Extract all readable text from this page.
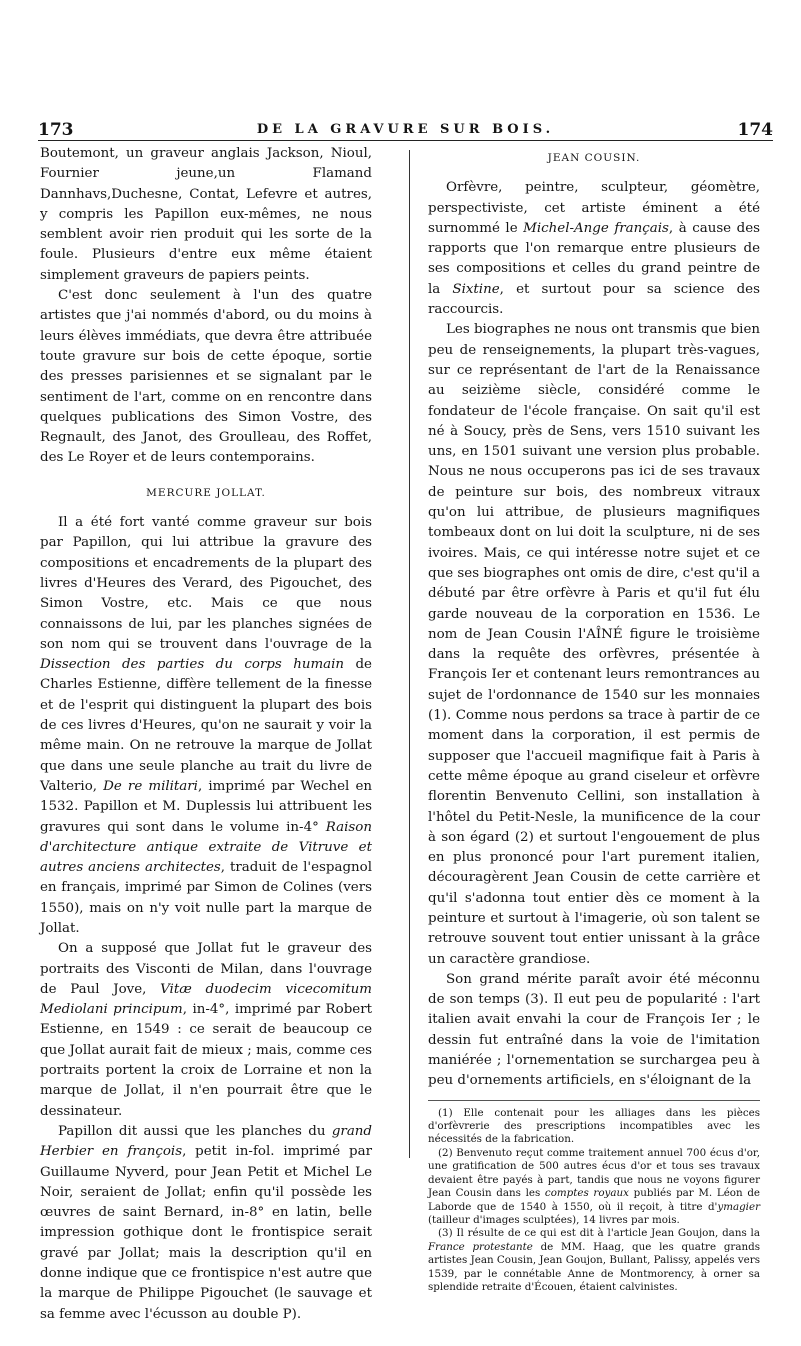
173	DE LA GRAVURE SUR BOIS.	174

Boutemont, un graveur anglais Jackson, Nioul, Fournier jeune,un Flamand Dannhavs,Duchesne, Contat, Lefevre et autres, y compris les Papillon eux-mêmes, ne nous semblent avoir rien produit qui les sorte de la foule. Plusieurs d'entre eux même étaient simplement graveurs de papiers peints.

C'est donc seulement à l'un des quatre artistes que j'ai nommés d'abord, ou du moins à leurs élèves immédiats, que devra être attribuée toute gravure sur bois de cette époque, sortie des presses parisiennes et se signalant par le sentiment de l'art, comme on en rencontre dans quelques publications des Simon Vostre, des Regnault, des Janot, des Groulleau, des Roffet, des Le Royer et de leurs contemporains.

MERCURE JOLLAT.

Il a été fort vanté comme graveur sur bois par Papillon, qui lui attribue la gravure des compositions et encadrements de la plupart des livres d'Heures des Verard, des Pigouchet, des Simon Vostre, etc. Mais ce que nous connaissons de lui, par les planches signées de son nom qui se trouvent dans l'ouvrage de la Dissection des parties du corps humain de Charles Estienne, diffère tellement de la finesse et de l'esprit qui distinguent la plupart des bois de ces livres d'Heures, qu'on ne saurait y voir la même main. On ne retrouve la marque de Jollat que dans une seule planche au trait du livre de Valterio, De re militari, imprimé par Wechel en 1532. Papillon et M. Duplessis lui attribuent les gravures qui sont dans le volume in-4° Raison d'architecture antique extraite de Vitruve et autres anciens architectes, traduit de l'espagnol en français, imprimé par Simon de Colines (vers 1550), mais on n'y voit nulle part la marque de Jollat.

On a supposé que Jollat fut le graveur des portraits des Visconti de Milan, dans l'ouvrage de Paul Jove, Vitæ duodecim vicecomitum Mediolani principum, in-4°, imprimé par Robert Estienne, en 1549 : ce serait de beaucoup ce que Jollat aurait fait de mieux ; mais, comme ces portraits portent la croix de Lorraine et non la marque de Jollat, il n'en pourrait être que le dessinateur.

Papillon dit aussi que les planches du grand Herbier en françois, petit in-fol. imprimé par Guillaume Nyverd, pour Jean Petit et Michel Le Noir, seraient de Jollat; enfin qu'il possède les œuvres de saint Bernard, in-8° en latin, belle impression gothique dont le frontispice serait gravé par Jollat; mais la description qu'il en donne indique que ce frontispice n'est autre que la marque de Philippe Pigouchet (le sauvage et sa femme avec l'écusson au double P).

JEAN COUSIN.

Orfèvre, peintre, sculpteur, géomètre, perspectiviste, cet artiste éminent a été surnommé le Michel-Ange français, à cause des rapports que l'on remarque entre plusieurs de ses compositions et celles du grand peintre de la Sixtine, et surtout pour sa science des raccourcis.

Les biographes ne nous ont transmis que bien peu de renseignements, la plupart très-vagues, sur ce représentant de l'art de la Renaissance au seizième siècle, considéré comme le fondateur de l'école française. On sait qu'il est né à Soucy, près de Sens, vers 1510 suivant les uns, en 1501 suivant une version plus probable. Nous ne nous occuperons pas ici de ses travaux de peinture sur bois, des nombreux vitraux qu'on lui attribue, de plusieurs magnifiques tombeaux dont on lui doit la sculpture, ni de ses ivoires. Mais, ce qui intéresse notre sujet et ce que ses biographes ont omis de dire, c'est qu'il a débuté par être orfèvre à Paris et qu'il fut élu garde nouveau de la corporation en 1536. Le nom de Jean Cousin l'AÎNÉ figure le troisième dans la requête des orfèvres, présentée à François Ier et contenant leurs remontrances au sujet de l'ordonnance de 1540 sur les monnaies (1). Comme nous perdons sa trace à partir de ce moment dans la corporation, il est permis de supposer que l'accueil magnifique fait à Paris à cette même époque au grand ciseleur et orfèvre florentin Benvenuto Cellini, son installation à l'hôtel du Petit-Nesle, la munificence de la cour à son égard (2) et surtout l'engouement de plus en plus prononcé pour l'art purement italien, découragèrent Jean Cousin de cette carrière et qu'il s'adonna tout entier dès ce moment à la peinture et surtout à l'imagerie, où son talent se retrouve souvent tout entier unissant à la grâce un caractère grandiose.

Son grand mérite paraît avoir été méconnu de son temps (3). Il eut peu de popularité : l'art italien avait envahi la cour de François Ier ; le dessin fut entraîné dans la voie de l'imitation maniérée ; l'ornementation se surchargea peu à peu d'ornements artificiels, en s'éloignant de la

(1) Elle contenait pour les alliages dans les pièces d'orfèvrerie des prescriptions incompatibles avec les nécessités de la fabrication.

(2) Benvenuto reçut comme traitement annuel 700 écus d'or, une gratification de 500 autres écus d'or et tous ses travaux devaient être payés à part, tandis que nous ne voyons figurer Jean Cousin dans les comptes royaux publiés par M. Léon de Laborde que de 1540 à 1550, où il reçoit, à titre d'ymagier (tailleur d'images sculptées), 14 livres par mois.

(3) Il résulte de ce qui est dit à l'article Jean Goujon, dans la France protestante de MM. Haag, que les quatre grands artistes Jean Cousin, Jean Goujon, Bullant, Palissy, appelés vers 1539, par le connétable Anne de Montmorency, à orner sa splendide retraite d'Écouen, étaient calvinistes.
